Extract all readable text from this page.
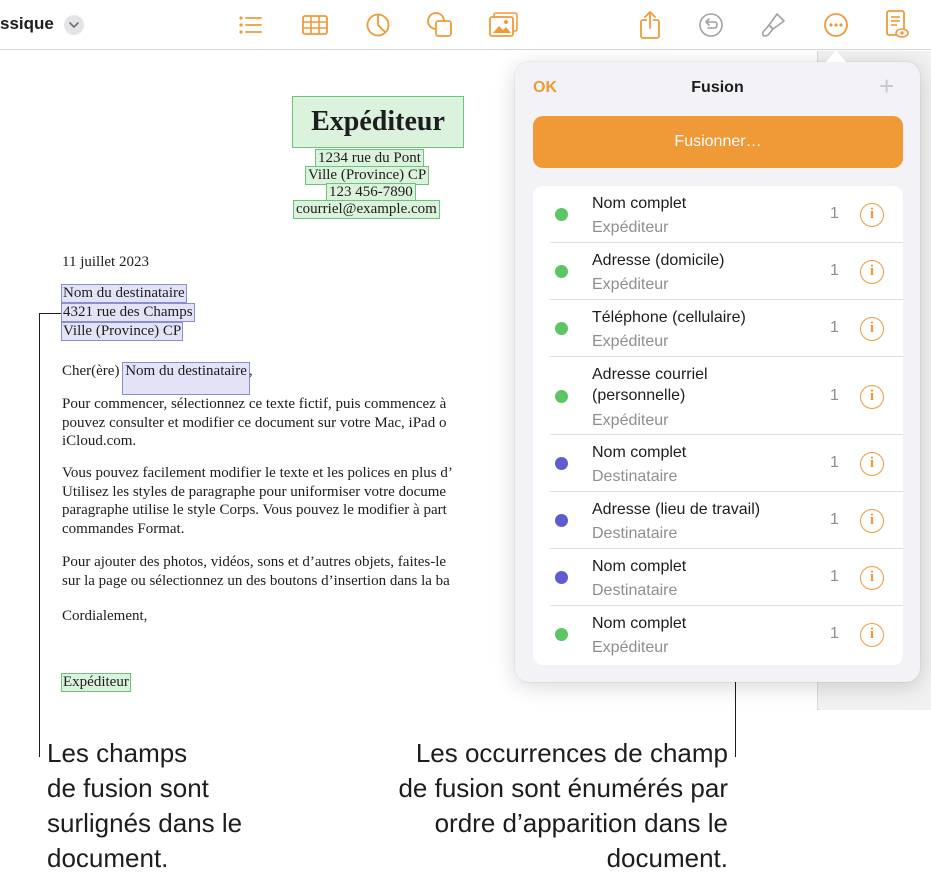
ssique
Expéditeur
1234 rue du Pont
Ville (Province) CP
123 456-7890
courriel@example.com
11 juillet 2023
Nom du destinataire
4321 rue des Champs
Ville (Province) CP
Cher(ère) Nom du destinataire ,
Pour commencer, sélectionnez ce texte fictif, puis commencez à
pouvez consulter et modifier ce document sur votre Mac, iPad o
iCloud.com.
Vous pouvez facilement modifier le texte et les polices en plus d’
Utilisez les styles de paragraphe pour uniformiser votre docume
paragraphe utilise le style Corps. Vous pouvez le modifier à part
commandes Format.
Pour ajouter des photos, vidéos, sons et d’autres objets, faites-le
sur la page ou sélectionnez un des boutons d’insertion dans la ba
Cordialement,
Expéditeur
Fusion
OK	+
Fusionner…
Nom complet
Expéditeur
1	i
Adresse (domicile)
Expéditeur
1	i
Téléphone (cellulaire)
Expéditeur
1	i
Adresse courriel (personnelle)
Expéditeur
1	i
Nom complet
Destinataire
1	i
Adresse (lieu de travail)
Destinataire
1	i
Nom complet
Destinataire
1	i
Nom complet
Expéditeur
1	i
Les champs
de fusion sont
surlignés dans le
document.
Les occurrences de champ
de fusion sont énumérés par
ordre d’apparition dans le
document.
